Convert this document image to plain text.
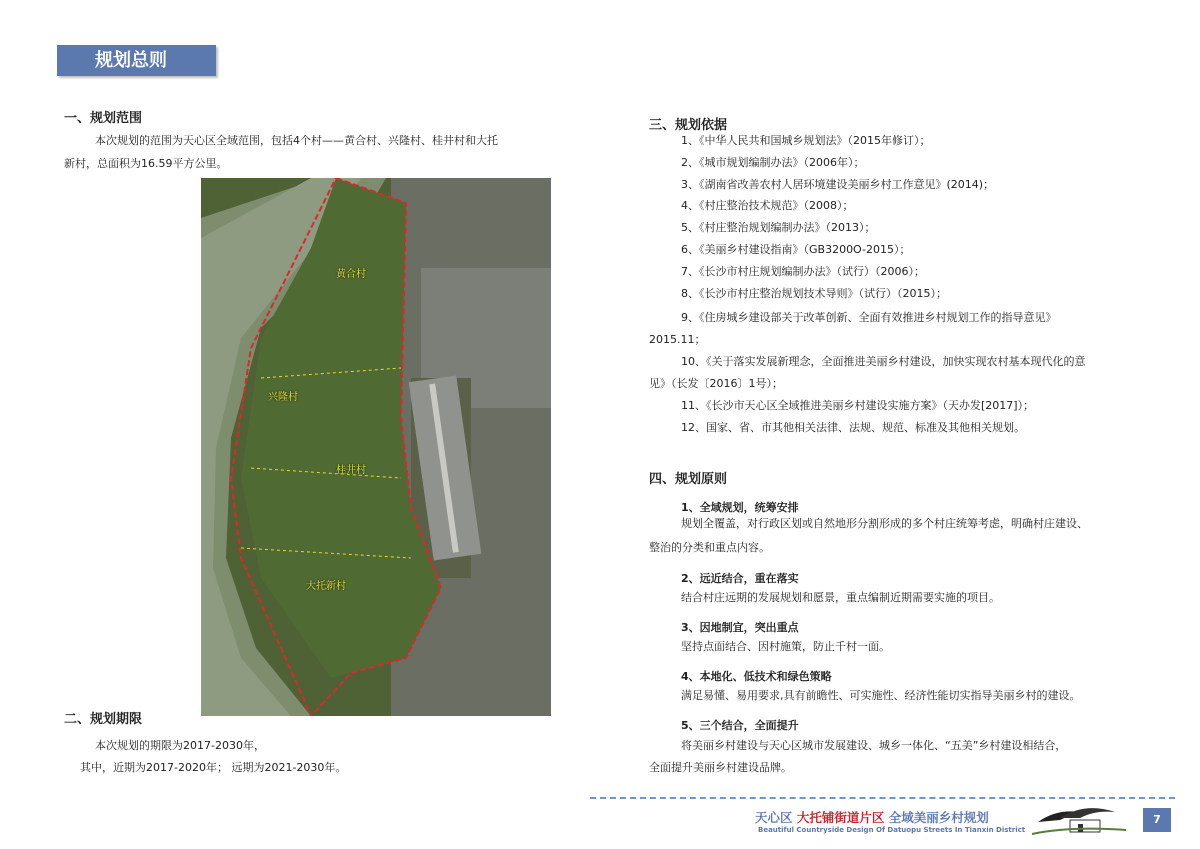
规划总则
一、规划范围
本次规划的范围为天心区全域范围，包括4个村——黄合村、兴隆村、桂井村和大托
新村，总面积为16.59平方公里。
黄合村
兴隆村
桂井村
大托新村
二、规划期限
本次规划的期限为2017-2030年，
其中，近期为2017-2020年； 远期为2021-2030年。
三、规划依据
1、《中华人民共和国城乡规划法》（2015年修订）；
2、《城市规划编制办法》（2006年）；
3、《湖南省改善农村人居环境建设美丽乡村工作意见》(2014)；
4、《村庄整治技术规范》（2008）；
5、《村庄整治规划编制办法》（2013）；
6、《美丽乡村建设指南》（GB3200O-2015）；
7、《长沙市村庄规划编制办法》（试行）（2006）；
8、《长沙市村庄整治规划技术导则》（试行）（2015）；
9、《住房城乡建设部关于改革创新、全面有效推进乡村规划工作的指导意见》
2015.11；
10、《关于落实发展新理念，全面推进美丽乡村建设，加快实现农村基本现代化的意
见》（长发〔2016〕1号）；
11、《长沙市天心区全域推进美丽乡村建设实施方案》（天办发[2017]）；
12、国家、省、市其他相关法律、法规、规范、标准及其他相关规划。
四、规划原则
1、全域规划，统筹安排
规划全覆盖，对行政区划或自然地形分割形成的多个村庄统筹考虑，明确村庄建设、
整治的分类和重点内容。
2、远近结合，重在落实
结合村庄远期的发展规划和愿景，重点编制近期需要实施的项目。
3、因地制宜，突出重点
坚持点面结合、因村施策，防止千村一面。
4、本地化、低技术和绿色策略
满足易懂、易用要求,具有前瞻性、可实施性、经济性能切实指导美丽乡村的建设。
5、三个结合，全面提升
将美丽乡村建设与天心区城市发展建设、城乡一体化、“五美”乡村建设相结合，
全面提升美丽乡村建设品牌。
天心区 大托铺街道片区 全域美丽乡村规划
Beautiful Countryside Design Of Datuopu Streets In Tianxin District
7
